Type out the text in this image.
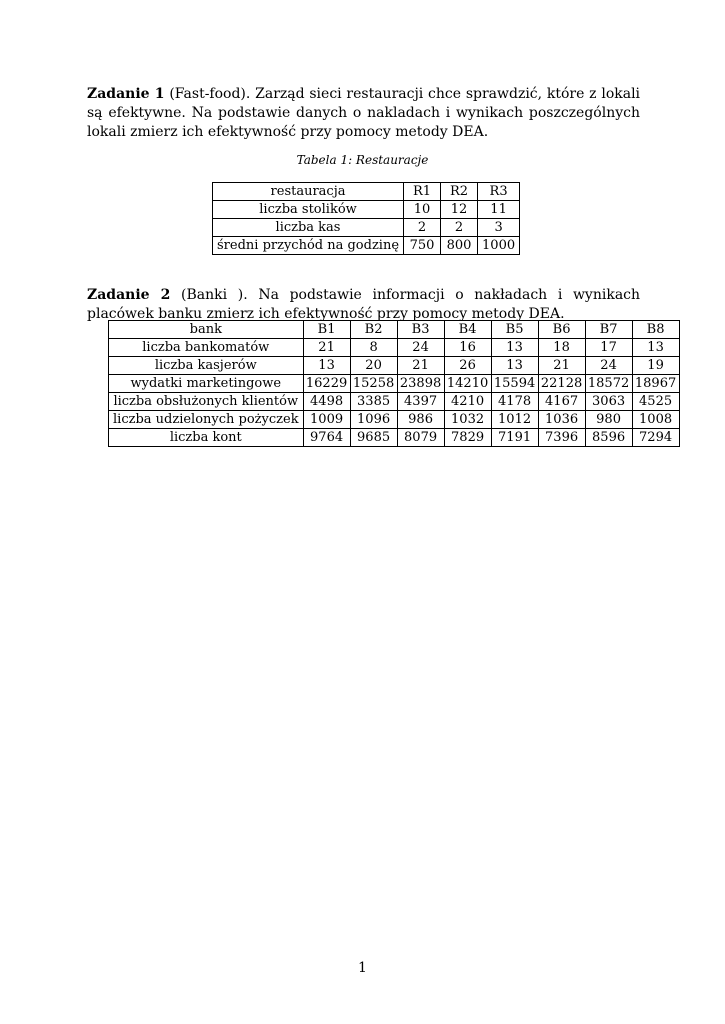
Zadanie 1 (Fast-food). Zarząd sieci restauracji chce sprawdzić, które z lokali są efektywne. Na podstawie danych o nakladach i wynikach poszczególnych lokali zmierz ich efektywność przy pomocy metody DEA.
Tabela 1: Restauracje
restauracja	R1	R2	R3
liczba stolików	10	12	11
liczba kas	2	2	3
średni przychód na godzinę	750	800	1000
Zadanie 2 (Banki ). Na podstawie informacji o nakładach i wynikach placówek banku zmierz ich efektywność przy pomocy metody DEA.
bank	B1	B2	B3	B4	B5	B6	B7	B8
liczba bankomatów	21	8	24	16	13	18	17	13
liczba kasjerów	13	20	21	26	13	21	24	19
wydatki marketingowe	16229	15258	23898	14210	15594	22128	18572	18967
liczba obsłużonych klientów	4498	3385	4397	4210	4178	4167	3063	4525
liczba udzielonych pożyczek	1009	1096	986	1032	1012	1036	980	1008
liczba kont	9764	9685	8079	7829	7191	7396	8596	7294
1
